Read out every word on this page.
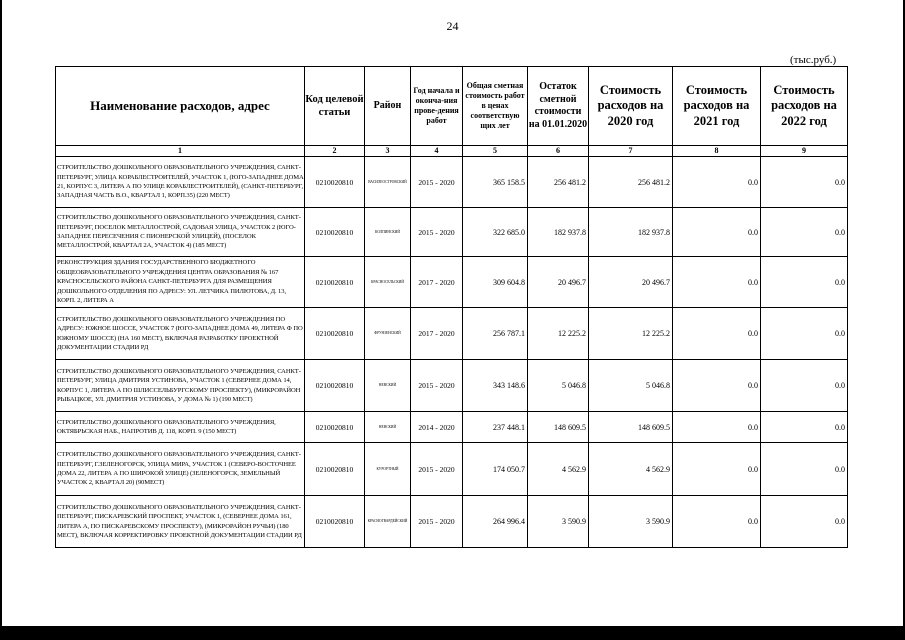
24
(тыс.руб.)
Наименование расходов, адрес	Код целевой статьи	Район	Год начала и оконча-ния прове-дения работ	Общая сметная стоимость работ в ценах соответствую щих лет	Остаток сметной стоимости на 01.01.2020	Стоимость расходов на 2020 год	Стоимость расходов на 2021 год	Стоимость расходов на 2022 год
1	2	3	4	5	6	7	8	9
СТРОИТЕЛЬСТВО ДОШКОЛЬНОГО ОБРАЗОВАТЕЛЬНОГО УЧРЕЖДЕНИЯ, САНКТ-ПЕТЕРБУРГ, УЛИЦА КОРАБЛЕСТРОИТЕЛЕЙ, УЧАСТОК 1, (ЮГО-ЗАПАДНЕЕ ДОМА 21, КОРПУС 3, ЛИТЕРА А ПО УЛИЦЕ КОРАБЛЕСТРОИТЕЛЕЙ), (САНКТ-ПЕТЕРБУРГ, ЗАПАДНАЯ ЧАСТЬ В.О., КВАРТАЛ 1, КОРП.35) (220 МЕСТ)	0210020810	ВАСИЛЕОСТРОВСКИЙ	2015 - 2020	365 158.5	256 481.2	256 481.2	0.0	0.0
СТРОИТЕЛЬСТВО ДОШКОЛЬНОГО ОБРАЗОВАТЕЛЬНОГО УЧРЕЖДЕНИЯ, САНКТ-ПЕТЕРБУРГ, ПОСЕЛОК МЕТАЛЛОСТРОЙ, САДОВАЯ УЛИЦА, УЧАСТОК 2 (ЮГО-ЗАПАДНЕЕ ПЕРЕСЕЧЕНИЯ С ПИОНЕРСКОЙ УЛИЦЕЙ), (ПОСЕЛОК МЕТАЛЛОСТРОЙ, КВАРТАЛ 2А, УЧАСТОК 4) (185 МЕСТ)	0210020810	КОЛПИНСКИЙ	2015 - 2020	322 685.0	182 937.8	182 937.8	0.0	0.0
РЕКОНСТРУКЦИЯ ЗДАНИЯ ГОСУДАРСТВЕННОГО БЮДЖЕТНОГО ОБЩЕОБРАЗОВАТЕЛЬНОГО УЧРЕЖДЕНИЯ ЦЕНТРА ОБРАЗОВАНИЯ № 167 КРАСНОСЕЛЬСКОГО РАЙОНА САНКТ-ПЕТЕРБУРГА ДЛЯ РАЗМЕЩЕНИЯ ДОШКОЛЬНОГО ОТДЕЛЕНИЯ ПО АДРЕСУ: УЛ. ЛЕТЧИКА ПИЛЮТОВА, Д. 13, КОРП. 2, ЛИТЕРА А	0210020810	КРАСНОСЕЛЬСКИЙ	2017 - 2020	309 604.8	20 496.7	20 496.7	0.0	0.0
СТРОИТЕЛЬСТВО ДОШКОЛЬНОГО ОБРАЗОВАТЕЛЬНОГО УЧРЕЖДЕНИЯ ПО АДРЕСУ: ЮЖНОЕ ШОССЕ, УЧАСТОК 7 (ЮГО-ЗАПАДНЕЕ ДОМА 49, ЛИТЕРА Ф ПО ЮЖНОМУ ШОССЕ) (НА 160 МЕСТ), ВКЛЮЧАЯ РАЗРАБОТКУ ПРОЕКТНОЙ ДОКУМЕНТАЦИИ СТАДИИ РД	0210020810	ФРУНЗЕНСКИЙ	2017 - 2020	256 787.1	12 225.2	12 225.2	0.0	0.0
СТРОИТЕЛЬСТВО ДОШКОЛЬНОГО ОБРАЗОВАТЕЛЬНОГО УЧРЕЖДЕНИЯ, САНКТ-ПЕТЕРБУРГ, УЛИЦА ДМИТРИЯ УСТИНОВА, УЧАСТОК 1 (СЕВЕРНЕЕ ДОМА 14, КОРПУС 1, ЛИТЕРА А ПО ШЛИССЕЛЬБУРГСКОМУ ПРОСПЕКТУ), (МИКРОРАЙОН РЫБАЦКОЕ, УЛ. ДМИТРИЯ УСТИНОВА, У ДОМА № 1) (190 МЕСТ)	0210020810	НЕВСКИЙ	2015 - 2020	343 148.6	5 046.8	5 046.8	0.0	0.0
СТРОИТЕЛЬСТВО ДОШКОЛЬНОГО ОБРАЗОВАТЕЛЬНОГО УЧРЕЖДЕНИЯ, ОКТЯБРЬСКАЯ НАБ., НАПРОТИВ Д. 118, КОРП. 9 (150 МЕСТ)	0210020810	НЕВСКИЙ	2014 - 2020	237 448.1	148 609.5	148 609.5	0.0	0.0
СТРОИТЕЛЬСТВО ДОШКОЛЬНОГО ОБРАЗОВАТЕЛЬНОГО УЧРЕЖДЕНИЯ, САНКТ-ПЕТЕРБУРГ, Г.ЗЕЛЕНОГОРСК, УЛИЦА МИРА, УЧАСТОК 1 (СЕВЕРО-ВОСТОЧНЕЕ ДОМА 22, ЛИТЕРА А ПО ШИРОКОЙ УЛИЦЕ) (ЗЕЛЕНОГОРСК, ЗЕМЕЛЬНЫЙ УЧАСТОК 2, КВАРТАЛ 20) (90МЕСТ)	0210020810	КУРОРТНЫЙ	2015 - 2020	174 050.7	4 562.9	4 562.9	0.0	0.0
СТРОИТЕЛЬСТВО ДОШКОЛЬНОГО ОБРАЗОВАТЕЛЬНОГО УЧРЕЖДЕНИЯ, САНКТ-ПЕТЕРБУРГ, ПИСКАРЕВСКИЙ ПРОСПЕКТ, УЧАСТОК 1, (СЕВЕРНЕЕ ДОМА 161, ЛИТЕРА А, ПО ПИСКАРЕВСКОМУ ПРОСПЕКТУ), (МИКРОРАЙОН РУЧЬИ) (180 МЕСТ), ВКЛЮЧАЯ КОРРЕКТИРОВКУ ПРОЕКТНОЙ ДОКУМЕНТАЦИИ СТАДИИ РД	0210020810	КРАСНОГВАРДЕЙСКИЙ	2015 - 2020	264 996.4	3 590.9	3 590.9	0.0	0.0
